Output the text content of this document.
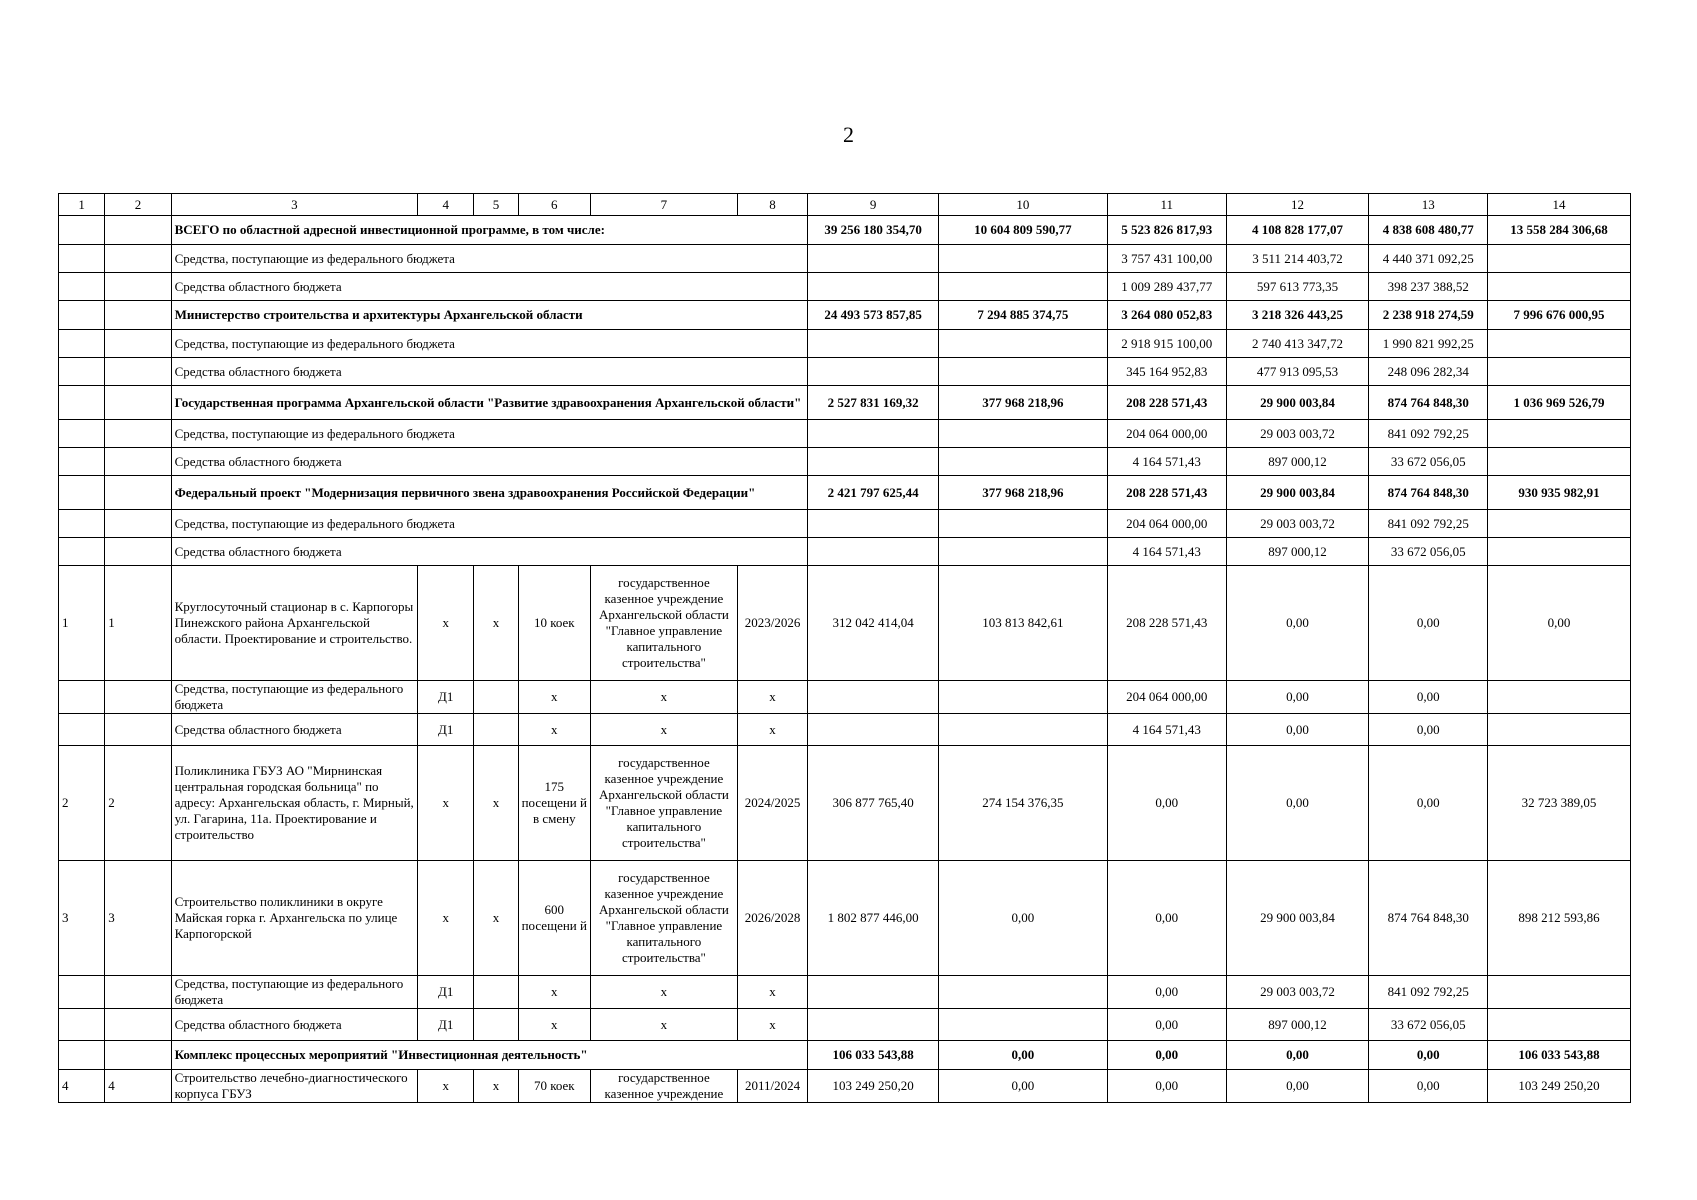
2
1	2	3	4	5	6	7	8	9	10	11	12	13	14
		ВСЕГО по областной адресной инвестиционной программе, в том числе:						39 256 180 354,70	10 604 809 590,77	5 523 826 817,93	4 108 828 177,07	4 838 608 480,77	13 558 284 306,68
		Средства, поступающие из федерального бюджета								3 757 431 100,00	3 511 214 403,72	4 440 371 092,25	
		Средства областного бюджета								1 009 289 437,77	597 613 773,35	398 237 388,52	
		Министерство строительства и архитектуры Архангельской области						24 493 573 857,85	7 294 885 374,75	3 264 080 052,83	3 218 326 443,25	2 238 918 274,59	7 996 676 000,95
		Средства, поступающие из федерального бюджета								2 918 915 100,00	2 740 413 347,72	1 990 821 992,25	
		Средства областного бюджета								345 164 952,83	477 913 095,53	248 096 282,34	
		Государственная программа Архангельской области "Развитие здравоохранения Архангельской области"						2 527 831 169,32	377 968 218,96	208 228 571,43	29 900 003,84	874 764 848,30	1 036 969 526,79
		Средства, поступающие из федерального бюджета								204 064 000,00	29 003 003,72	841 092 792,25	
		Средства областного бюджета								4 164 571,43	897 000,12	33 672 056,05	
		Федеральный проект "Модернизация первичного звена здравоохранения Российской Федерации"						2 421 797 625,44	377 968 218,96	208 228 571,43	29 900 003,84	874 764 848,30	930 935 982,91
		Средства, поступающие из федерального бюджета								204 064 000,00	29 003 003,72	841 092 792,25	
		Средства областного бюджета								4 164 571,43	897 000,12	33 672 056,05	
1	1	Круглосуточный стационар в с. Карпогоры Пинежского района Архангельской области. Проектирование и строительство.	х	х	10 коек	государственное казенное учреждение Архангельской области "Главное управление капитального строительства"	2023/2026	312 042 414,04	103 813 842,61	208 228 571,43	0,00	0,00	0,00
		Средства, поступающие из федерального бюджета	Д1		х	х	х			204 064 000,00	0,00	0,00	
		Средства областного бюджета	Д1		х	х	х			4 164 571,43	0,00	0,00	
2	2	Поликлиника ГБУЗ АО "Мирнинская центральная городская больница" по адресу: Архангельская область, г. Мирный, ул. Гагарина, 11а. Проектирование и строительство	х	х	175 посещени й в смену	государственное казенное учреждение Архангельской области "Главное управление капитального строительства"	2024/2025	306 877 765,40	274 154 376,35	0,00	0,00	0,00	32 723 389,05
3	3	Строительство поликлиники в округе Майская горка г. Архангельска по улице Карпогорской	х	х	600 посещени й	государственное казенное учреждение Архангельской области "Главное управление капитального строительства"	2026/2028	1 802 877 446,00	0,00	0,00	29 900 003,84	874 764 848,30	898 212 593,86
		Средства, поступающие из федерального бюджета	Д1		х	х	х			0,00	29 003 003,72	841 092 792,25	
		Средства областного бюджета	Д1		х	х	х			0,00	897 000,12	33 672 056,05	
		Комплекс процессных мероприятий "Инвестиционная деятельность"						106 033 543,88	0,00	0,00	0,00	0,00	106 033 543,88
4	4	Строительство лечебно-диагностического корпуса ГБУЗ	х	х	70 коек	государственное казенное учреждение	2011/2024	103 249 250,20	0,00	0,00	0,00	0,00	103 249 250,20
